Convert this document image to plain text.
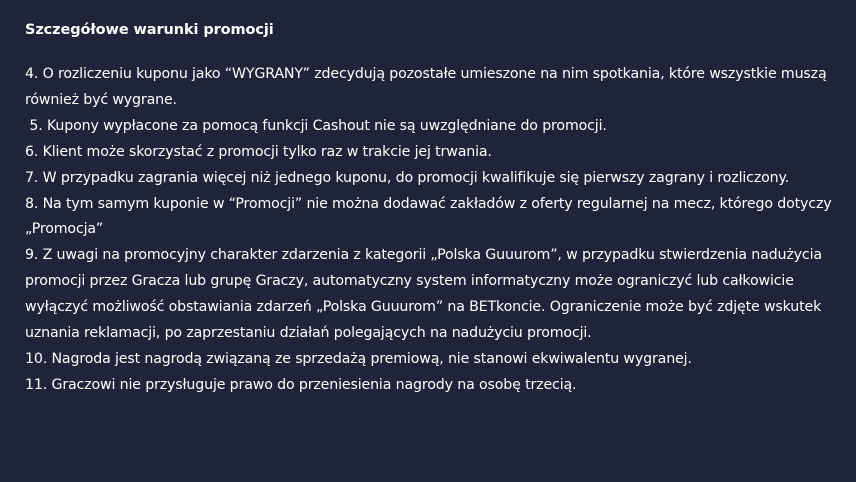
Szczegółowe warunki promocji

4. O rozliczeniu kuponu jako “WYGRANY” zdecydują pozostałe umieszone na nim spotkania, które wszystkie muszą również być wygrane.

5. Kupony wypłacone za pomocą funkcji Cashout nie są uwzględniane do promocji.

6. Klient może skorzystać z promocji tylko raz w trakcie jej trwania.

7. W przypadku zagrania więcej niż jednego kuponu, do promocji kwalifikuje się pierwszy zagrany i rozliczony.

8. Na tym samym kuponie w “Promocji” nie można dodawać zakładów z oferty regularnej na mecz, którego dotyczy „Promocja”

9. Z uwagi na promocyjny charakter zdarzenia z kategorii „Polska Guuurom”, w przypadku stwierdzenia nadużycia promocji przez Gracza lub grupę Graczy, automatyczny system informatyczny może ograniczyć lub całkowicie wyłączyć możliwość obstawiania zdarzeń „Polska Guuurom” na BETkoncie. Ograniczenie może być zdjęte wskutek uznania reklamacji, po zaprzestaniu działań polegających na nadużyciu promocji.

10. Nagroda jest nagrodą związaną ze sprzedażą premiową, nie stanowi ekwiwalentu wygranej.

11. Graczowi nie przysługuje prawo do przeniesienia nagrody na osobę trzecią.
